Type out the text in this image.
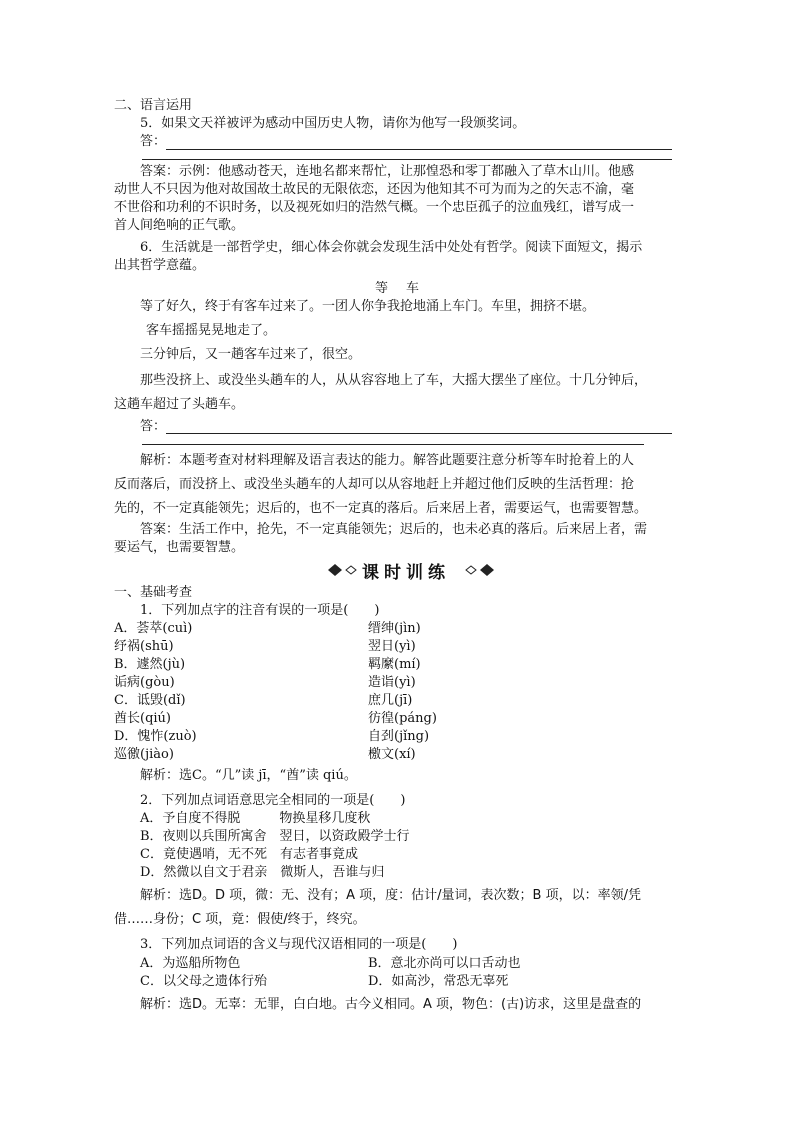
二、语言运用
5．如果文天祥被评为感动中国历史人物，请你为他写一段颁奖词。
答：
答案：示例：他感动苍天，连地名都来帮忙，让那惶恐和零丁都融入了草木山川。他感
动世人不只因为他对故国故土故民的无限依恋，还因为他知其不可为而为之的矢志不渝，毫
不世俗和功利的不识时务，以及视死如归的浩然气概。一个忠臣孤子的泣血残红，谱写成一
首人间绝响的正气歌。
6．生活就是一部哲学史，细心体会你就会发现生活中处处有哲学。阅读下面短文，揭示
出其哲学意蕴。
等车
等了好久，终于有客车过来了。一团人你争我抢地涌上车门。车里，拥挤不堪。
客车摇摇晃晃地走了。
三分钟后，又一趟客车过来了，很空。
那些没挤上、或没坐头趟车的人，从从容容地上了车，大摇大摆坐了座位。十几分钟后，
这趟车超过了头趟车。
答：
解析：本题考查对材料理解及语言表达的能力。解答此题要注意分析等车时抢着上的人
反而落后，而没挤上、或没坐头趟车的人却可以从容地赶上并超过他们反映的生活哲理：抢
先的，不一定真能领先；迟后的，也不一定真的落后。后来居上者，需要运气，也需要智慧。
答案：生活工作中，抢先，不一定真能领先；迟后的，也未必真的落后。后来居上者，需
要运气，也需要智慧。
课时训练
一、基础考查
1．下列加点字的注音有误的一项是(　　)
A．荟萃(cuì)	缙绅(jìn)
纾祸(shū)	翌日(yì)
B．遽然(jù)	羁縻(mí)
诟病(gòu)	造诣(yì)
C．诋毁(dǐ)	庶几(jī)
酋长(qiú)	彷徨(páng)
D．愧怍(zuò)	自刭(jǐng)
巡徼(jiào)	檄文(xí)
解析：选C。“几”读 jī，“酋”读 qiú。
2．下列加点词语意思完全相同的一项是(　　)
A．予自度不得脱　　　物换星移几度秋
B．夜则以兵围所寓舍　翌日，以资政殿学士行
C．竟使遇哨，无不死　有志者事竟成
D．然微以自文于君亲　微斯人，吾谁与归
解析：选D。D 项，微：无、没有；A 项，度：估计/量词，表次数；B 项，以：率领/凭
借……身份；C 项，竟：假使/终于，终究。
3．下列加点词语的含义与现代汉语相同的一项是(　　)
A．为巡船所物色	B．意北亦尚可以口舌动也
C．以父母之遗体行殆	D．如高沙，常恐无辜死
解析：选D。无辜：无罪，白白地。古今义相同。A 项，物色：(古)访求，这里是盘查的
